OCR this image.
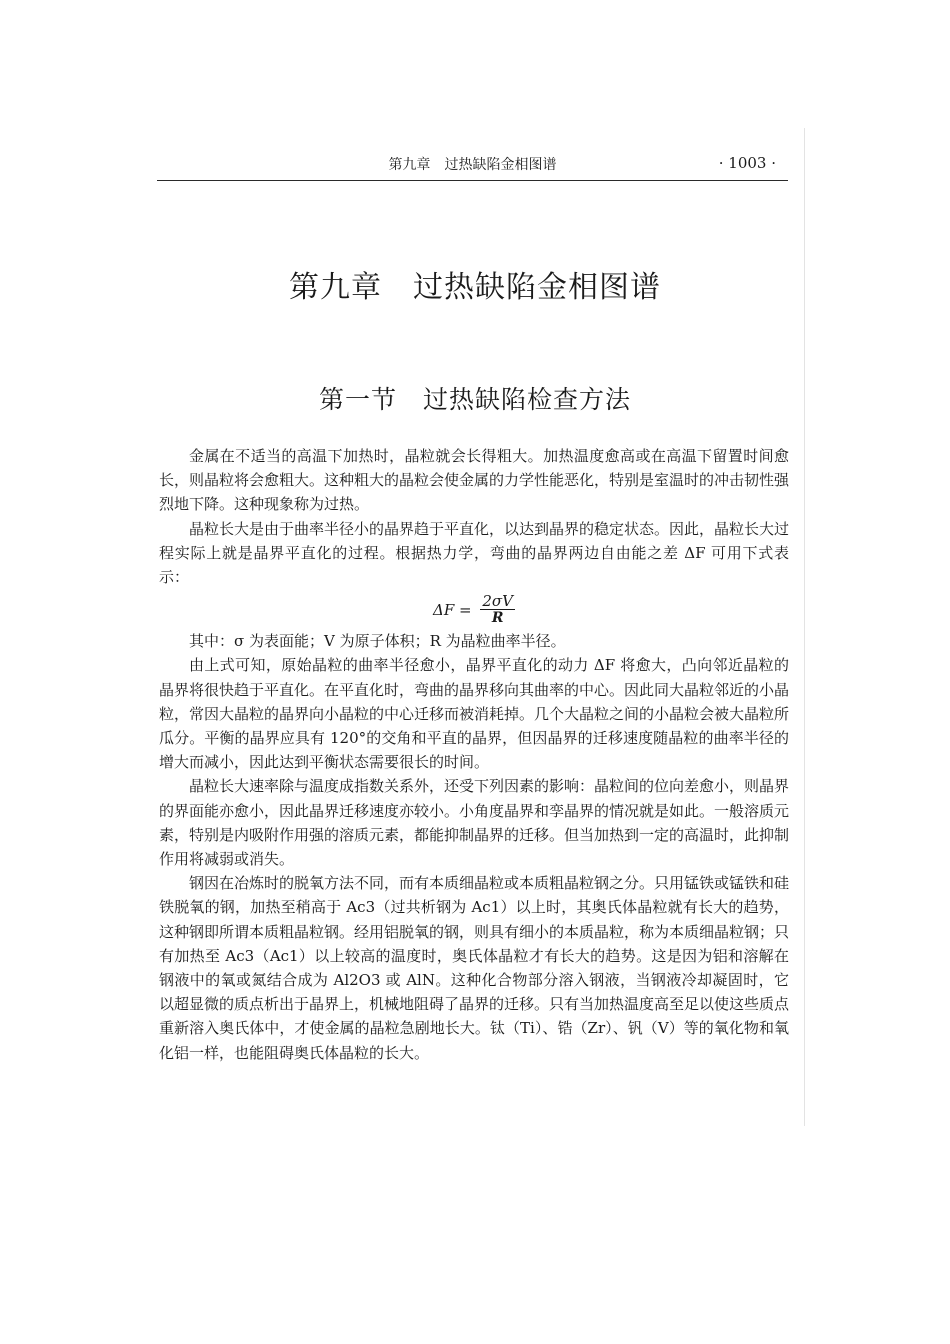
第九章　过热缺陷金相图谱	· 1003 ·
第九章　过热缺陷金相图谱
第一节　过热缺陷检查方法

金属在不适当的高温下加热时，晶粒就会长得粗大。加热温度愈高或在高温下留置时间愈长，则晶粒将会愈粗大。这种粗大的晶粒会使金属的力学性能恶化，特别是室温时的冲击韧性强烈地下降。这种现象称为过热。

晶粒长大是由于曲率半径小的晶界趋于平直化，以达到晶界的稳定状态。因此，晶粒长大过程实际上就是晶界平直化的过程。根据热力学，弯曲的晶界两边自由能之差 ΔF 可用下式表示：

$\Delta F = \frac{2\sigma V}{R}$

其中：σ 为表面能；V 为原子体积；R 为晶粒曲率半径。

由上式可知，原始晶粒的曲率半径愈小，晶界平直化的动力 ΔF 将愈大，凸向邻近晶粒的晶界将很快趋于平直化。在平直化时，弯曲的晶界移向其曲率的中心。因此同大晶粒邻近的小晶粒，常因大晶粒的晶界向小晶粒的中心迁移而被消耗掉。几个大晶粒之间的小晶粒会被大晶粒所瓜分。平衡的晶界应具有 120°的交角和平直的晶界，但因晶界的迁移速度随晶粒的曲率半径的增大而减小，因此达到平衡状态需要很长的时间。

晶粒长大速率除与温度成指数关系外，还受下列因素的影响：晶粒间的位向差愈小，则晶界的界面能亦愈小，因此晶界迁移速度亦较小。小角度晶界和孪晶界的情况就是如此。一般溶质元素，特别是内吸附作用强的溶质元素，都能抑制晶界的迁移。但当加热到一定的高温时，此抑制作用将减弱或消失。

钢因在冶炼时的脱氧方法不同，而有本质细晶粒或本质粗晶粒钢之分。只用锰铁或锰铁和硅铁脱氧的钢，加热至稍高于 Ac3（过共析钢为 Ac1）以上时，其奥氏体晶粒就有长大的趋势，这种钢即所谓本质粗晶粒钢。经用铝脱氧的钢，则具有细小的本质晶粒，称为本质细晶粒钢；只有加热至 Ac3（Ac1）以上较高的温度时，奥氏体晶粒才有长大的趋势。这是因为铝和溶解在钢液中的氧或氮结合成为 Al2O3 或 AlN。这种化合物部分溶入钢液，当钢液冷却凝固时，它以超显微的质点析出于晶界上，机械地阻碍了晶界的迁移。只有当加热温度高至足以使这些质点重新溶入奥氏体中，才使金属的晶粒急剧地长大。钛（Ti）、锆（Zr）、钒（V）等的氧化物和氧化铝一样，也能阻碍奥氏体晶粒的长大。
